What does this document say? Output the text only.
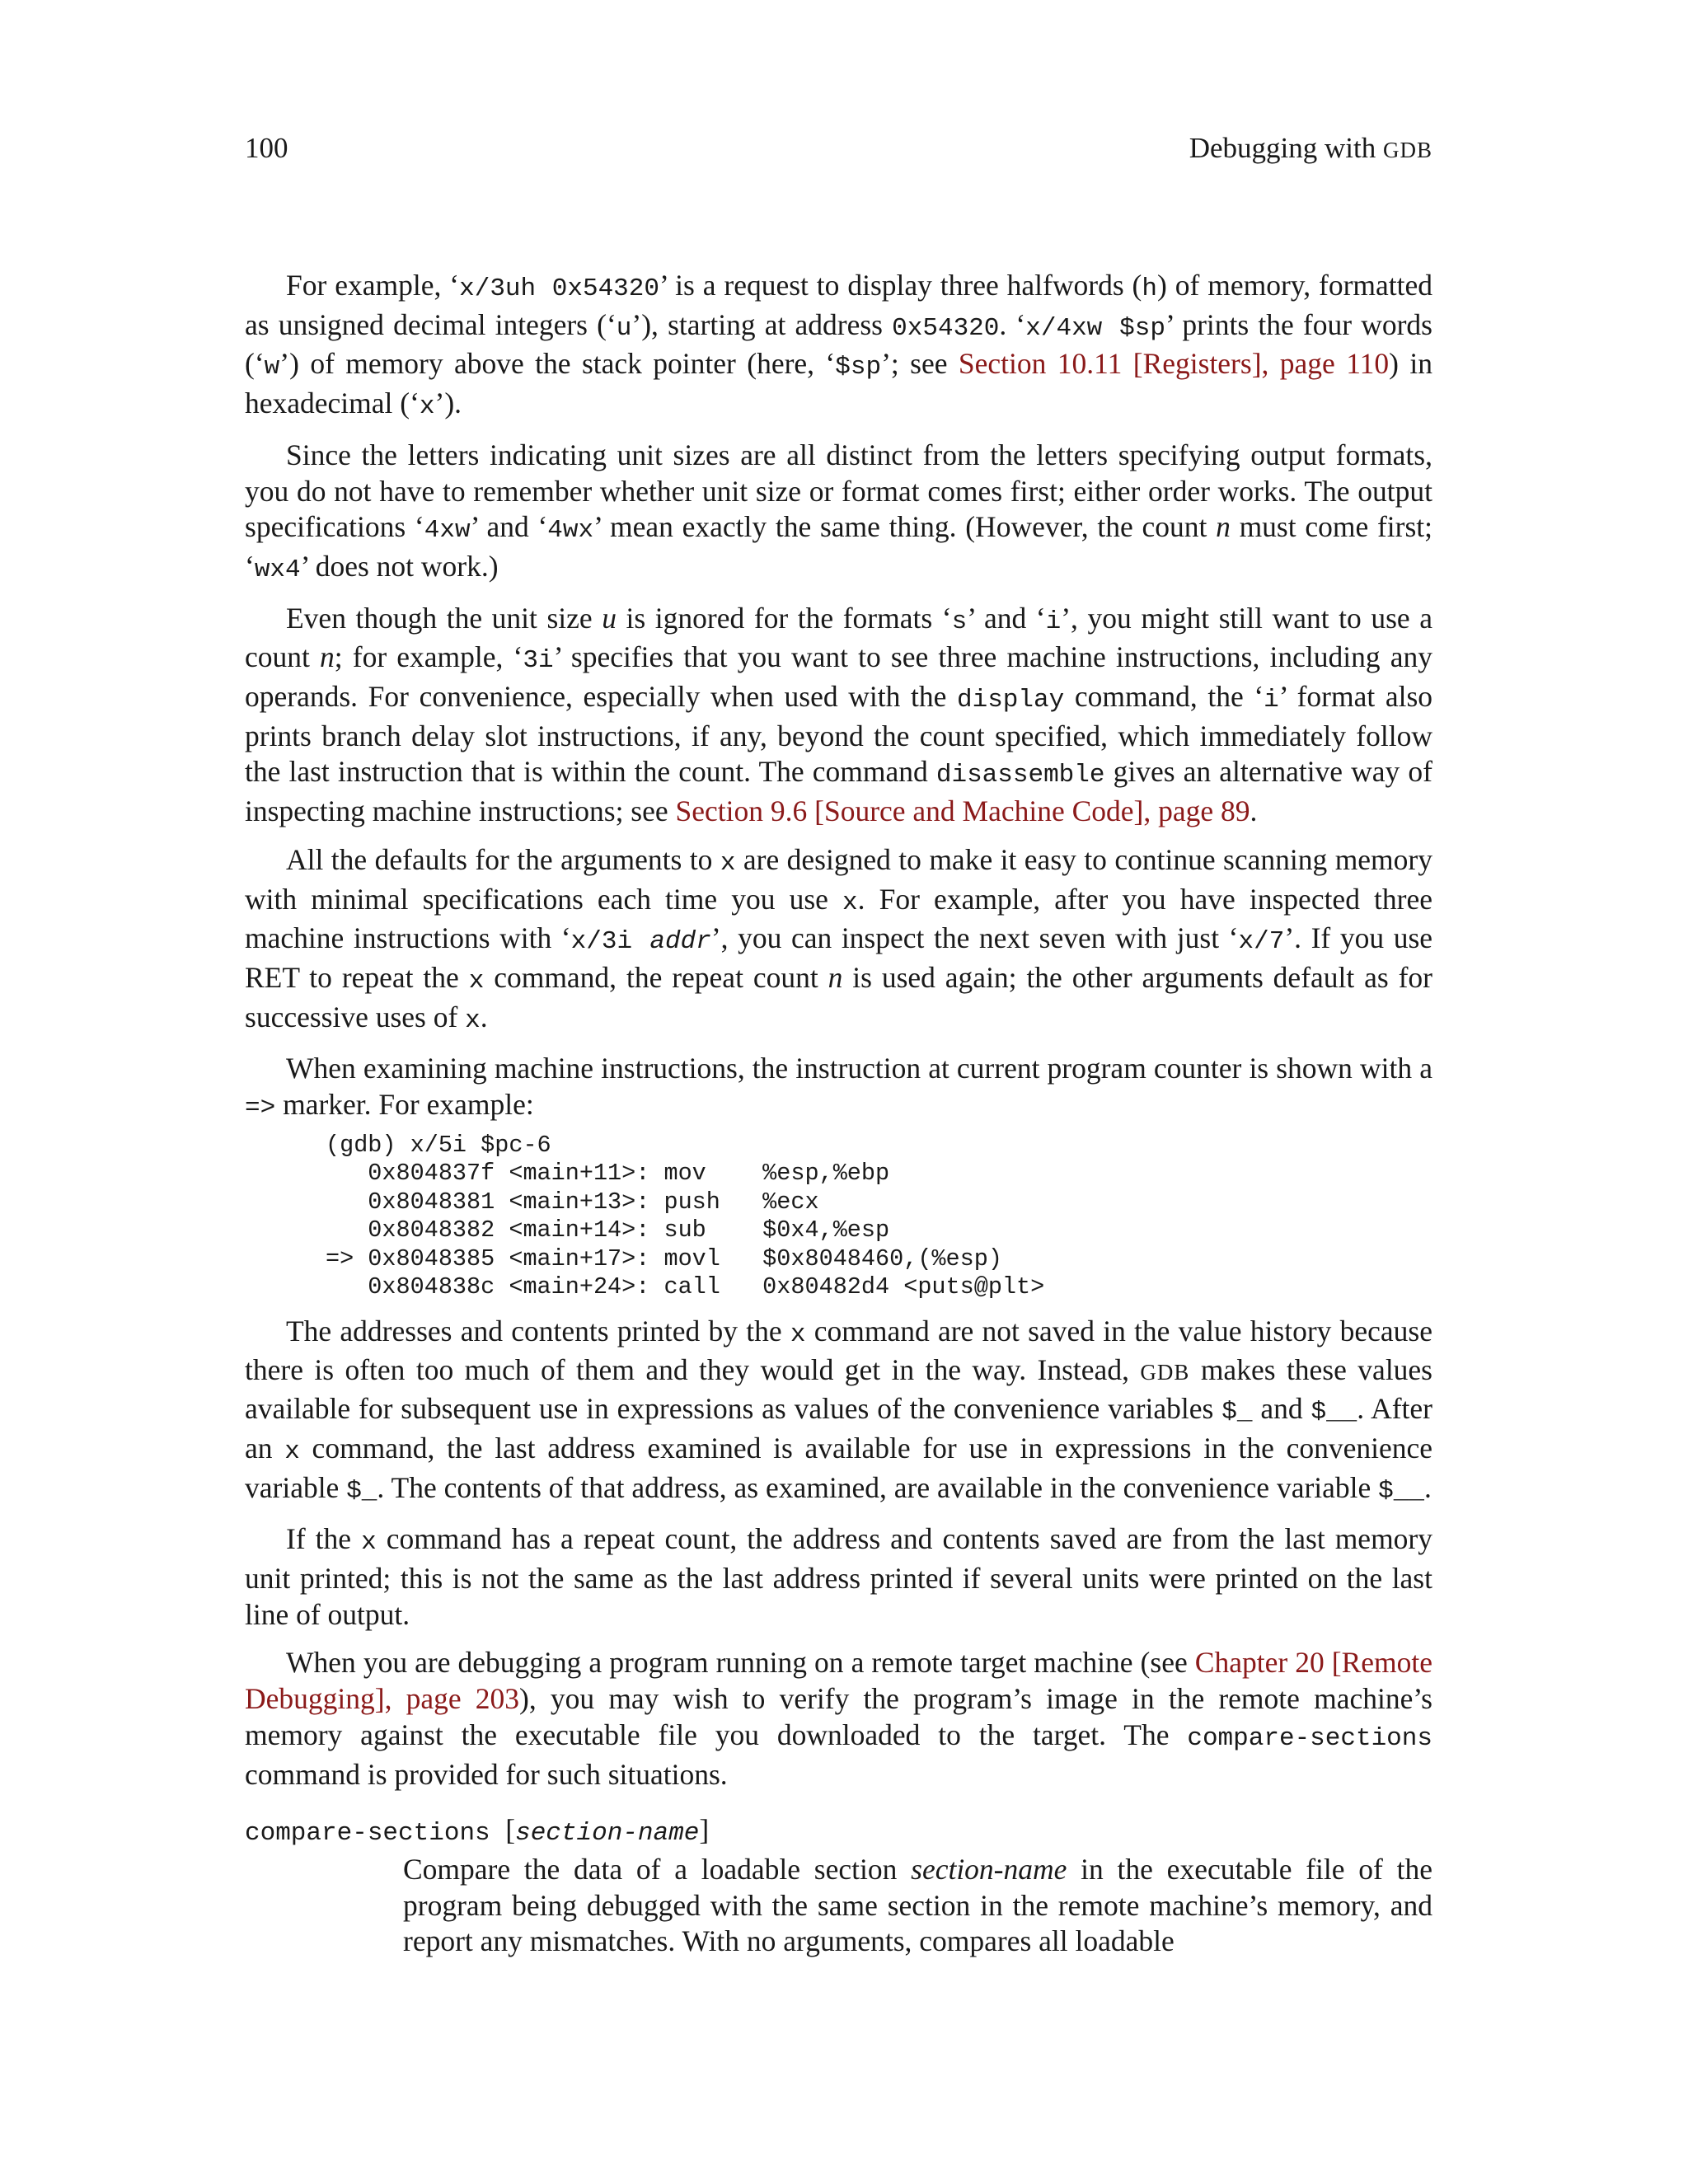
100	Debugging with GDB

For example, ‘x/3uh 0x54320’ is a request to display three halfwords (h) of memory, formatted as unsigned decimal integers (‘u’), starting at address 0x54320. ‘x/4xw $sp’ prints the four words (‘w’) of memory above the stack pointer (here, ‘$sp’; see Section 10.11 [Registers], page 110) in hexadecimal (‘x’).

Since the letters indicating unit sizes are all distinct from the letters specifying output formats, you do not have to remember whether unit size or format comes first; either order works. The output specifications ‘4xw’ and ‘4wx’ mean exactly the same thing. (However, the count n must come first; ‘wx4’ does not work.)

Even though the unit size u is ignored for the formats ‘s’ and ‘i’, you might still want to use a count n; for example, ‘3i’ specifies that you want to see three machine instructions, including any operands. For convenience, especially when used with the display command, the ‘i’ format also prints branch delay slot instructions, if any, beyond the count specified, which immediately follow the last instruction that is within the count. The command disassemble gives an alternative way of inspecting machine instructions; see Section 9.6 [Source and Machine Code], page 89.

All the defaults for the arguments to x are designed to make it easy to continue scanning memory with minimal specifications each time you use x. For example, after you have inspected three machine instructions with ‘x/3i addr’, you can inspect the next seven with just ‘x/7’. If you use RET to repeat the x command, the repeat count n is used again; the other arguments default as for successive uses of x.

When examining machine instructions, the instruction at current program counter is shown with a => marker. For example:

(gdb) x/5i $pc-6
0x804837f <main+11>: mov    %esp,%ebp
0x8048381 <main+13>: push   %ecx
0x8048382 <main+14>: sub    $0x4,%esp
=> 0x8048385 <main+17>: movl   $0x8048460,(%esp)
0x804838c <main+24>: call   0x80482d4 <puts@plt>

The addresses and contents printed by the x command are not saved in the value history because there is often too much of them and they would get in the way. Instead, GDB makes these values available for subsequent use in expressions as values of the convenience variables $_ and $__. After an x command, the last address examined is available for use in expressions in the convenience variable $_. The contents of that address, as examined, are available in the convenience variable $__.

If the x command has a repeat count, the address and contents saved are from the last memory unit printed; this is not the same as the last address printed if several units were printed on the last line of output.

When you are debugging a program running on a remote target machine (see Chapter 20 [Remote Debugging], page 203), you may wish to verify the program’s image in the remote machine’s memory against the executable file you downloaded to the target. The compare-sections command is provided for such situations.

compare-sections [section-name]

Compare the data of a loadable section section-name in the executable file of the program being debugged with the same section in the remote machine’s memory, and report any mismatches. With no arguments, compares all loadable
